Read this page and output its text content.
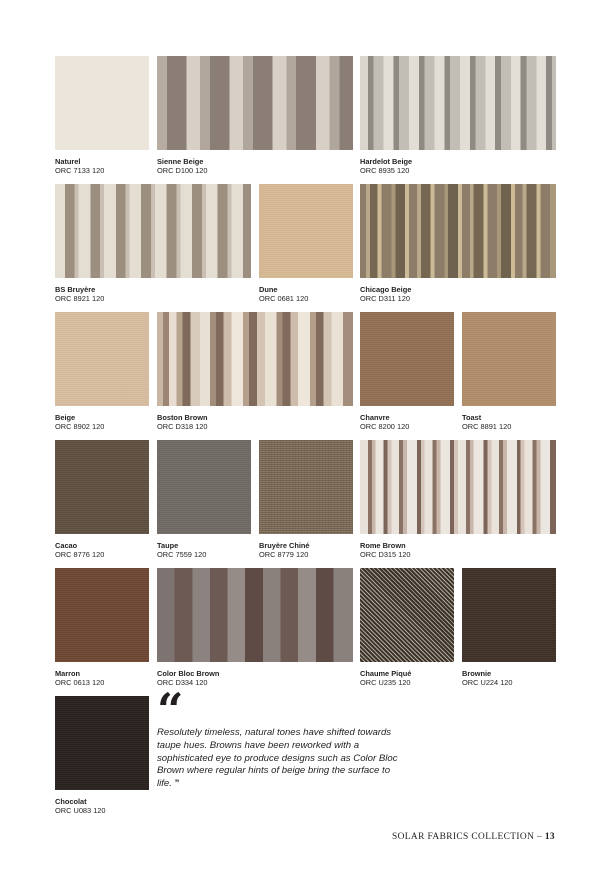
Naturel
ORC 7133 120
Sienne Beige
ORC D100 120
Hardelot Beige
ORC 8935 120
BS Bruyère
ORC 8921 120
Dune
ORC 0681 120
Chicago Beige
ORC D311 120
Beige
ORC 8902 120
Boston Brown
ORC D318 120
Chanvre
ORC 8200 120
Toast
ORC 8891 120
Cacao
ORC 8776 120
Taupe
ORC 7559 120
Bruyère Chiné
ORC 8779 120
Rome Brown
ORC D315 120
Marron
ORC 0613 120
Color Bloc Brown
ORC D334 120
Chaume Piqué
ORC U235 120
Brownie
ORC U224 120
Chocolat
ORC U083 120
“
Resolutely timeless, natural tones have shifted towards taupe hues. Browns have been reworked with a sophisticated eye to produce designs such as Color Bloc Brown where regular hints of beige bring the surface to life. ”
SOLAR FABRICS COLLECTION – 13
